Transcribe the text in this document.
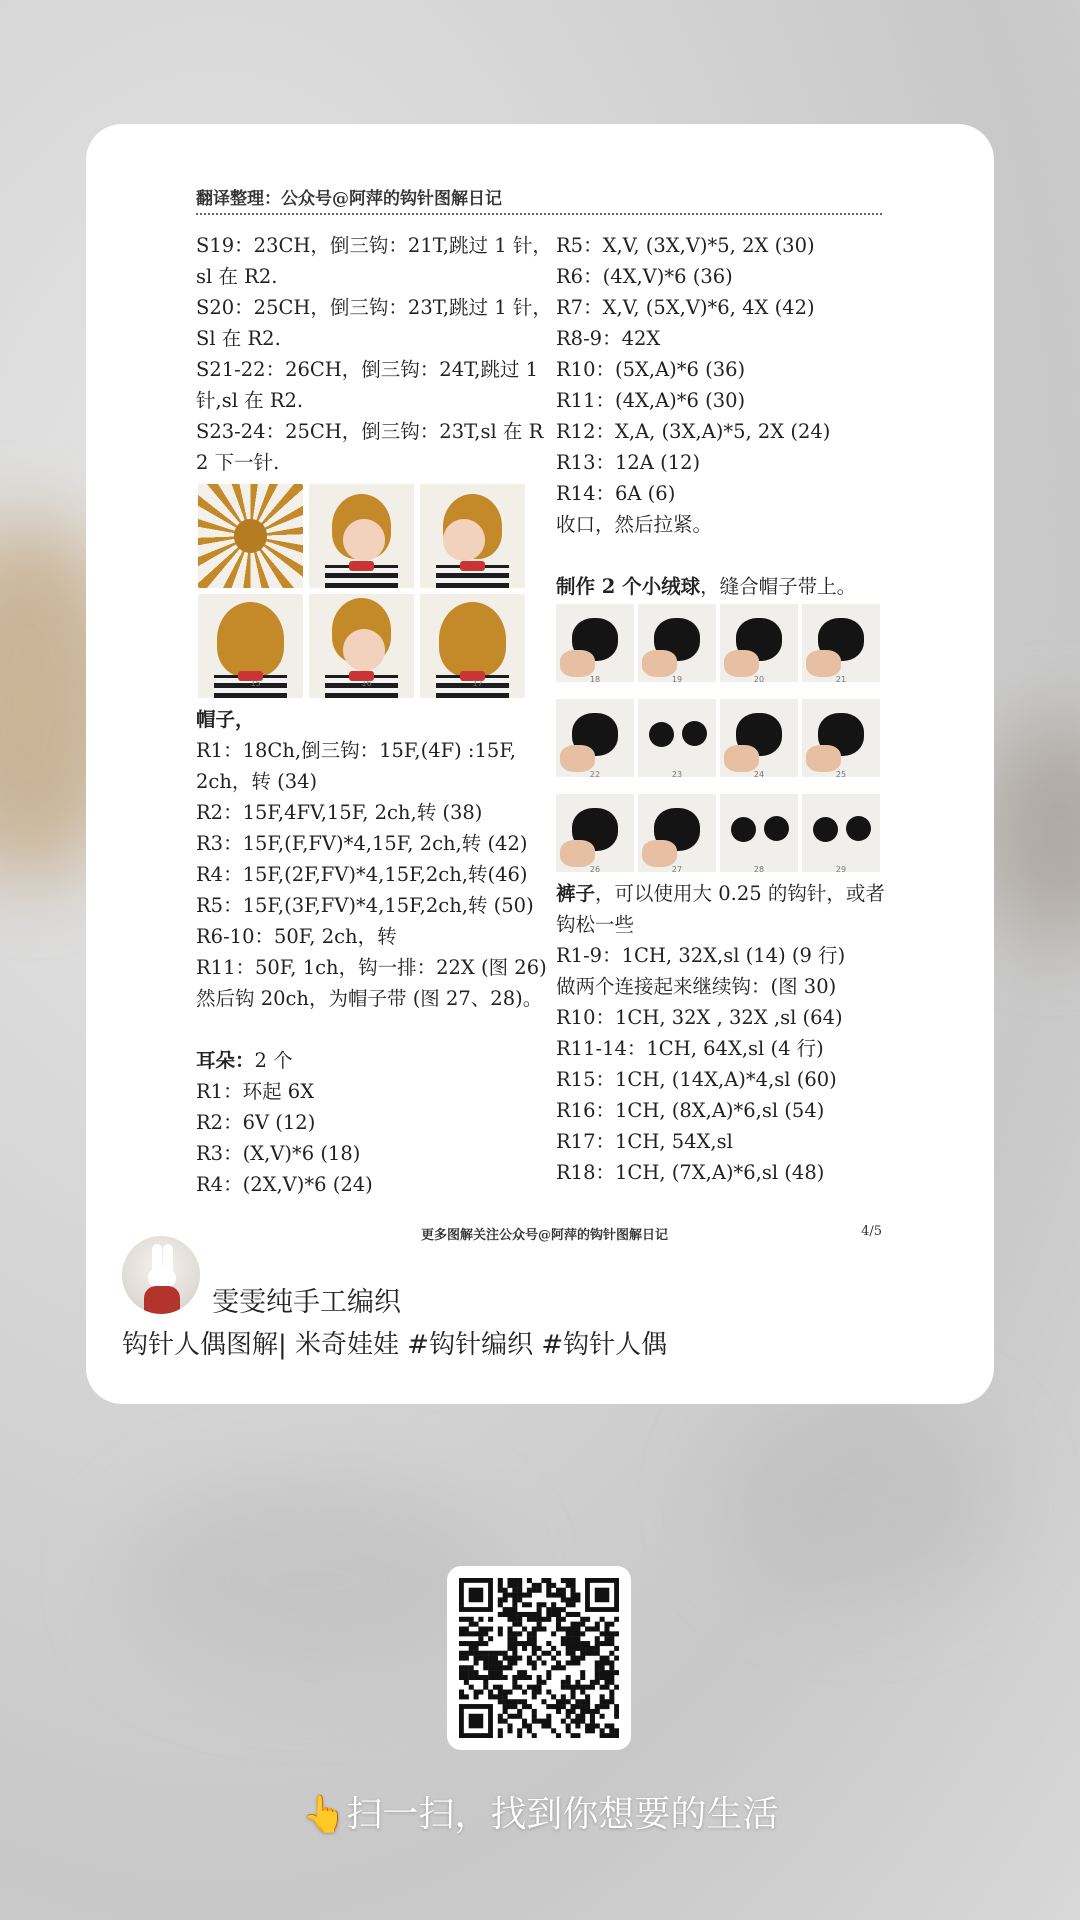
翻译整理：公众号@阿萍的钩针图解日记
S19：23CH，倒三钩：21T,跳过 1 针，
sl 在 R2.
S20：25CH，倒三钩：23T,跳过 1 针，
Sl 在 R2.
S21-22：26CH，倒三钩：24T,跳过 1
针,sl 在 R2.
S23-24：25CH，倒三钩：23T,sl 在 R
2 下一针.
15	16	17
帽子，
R1：18Ch,倒三钩：15F,(4F) :15F,
2ch，转 (34)
R2：15F,4FV,15F, 2ch,转 (38)
R3：15F,(F,FV)*4,15F, 2ch,转 (42)
R4：15F,(2F,FV)*4,15F,2ch,转(46)
R5：15F,(3F,FV)*4,15F,2ch,转 (50)
R6-10：50F, 2ch，转
R11：50F, 1ch，钩一排：22X (图 26)
然后钩 20ch，为帽子带 (图 27、28)。
耳朵：2 个
R1：环起 6X
R2：6V (12)
R3：(X,V)*6 (18)
R4：(2X,V)*6 (24)
R5：X,V, (3X,V)*5, 2X (30)
R6：(4X,V)*6 (36)
R7：X,V, (5X,V)*6, 4X (42)
R8-9：42X
R10：(5X,A)*6 (36)
R11：(4X,A)*6 (30)
R12：X,A, (3X,A)*5, 2X (24)
R13：12A (12)
R14：6A (6)
收口，然后拉紧。
制作 2 个小绒球，缝合帽子带上。
18	19	20	21
22	23	24	25
26	27	28	29
裤子，可以使用大 0.25 的钩针，或者
钩松一些
R1-9：1CH, 32X,sl (14) (9 行)
做两个连接起来继续钩：(图 30)
R10：1CH, 32X , 32X ,sl (64)
R11-14：1CH, 64X,sl (4 行)
R15：1CH, (14X,A)*4,sl (60)
R16：1CH, (8X,A)*6,sl (54)
R17：1CH, 54X,sl
R18：1CH, (7X,A)*6,sl (48)
更多图解关注公众号@阿萍的钩针图解日记	4/5
雯雯纯手工编织
钩针人偶图解| 米奇娃娃 #钩针编织 #钩针人偶
👆扫一扫，找到你想要的生活
